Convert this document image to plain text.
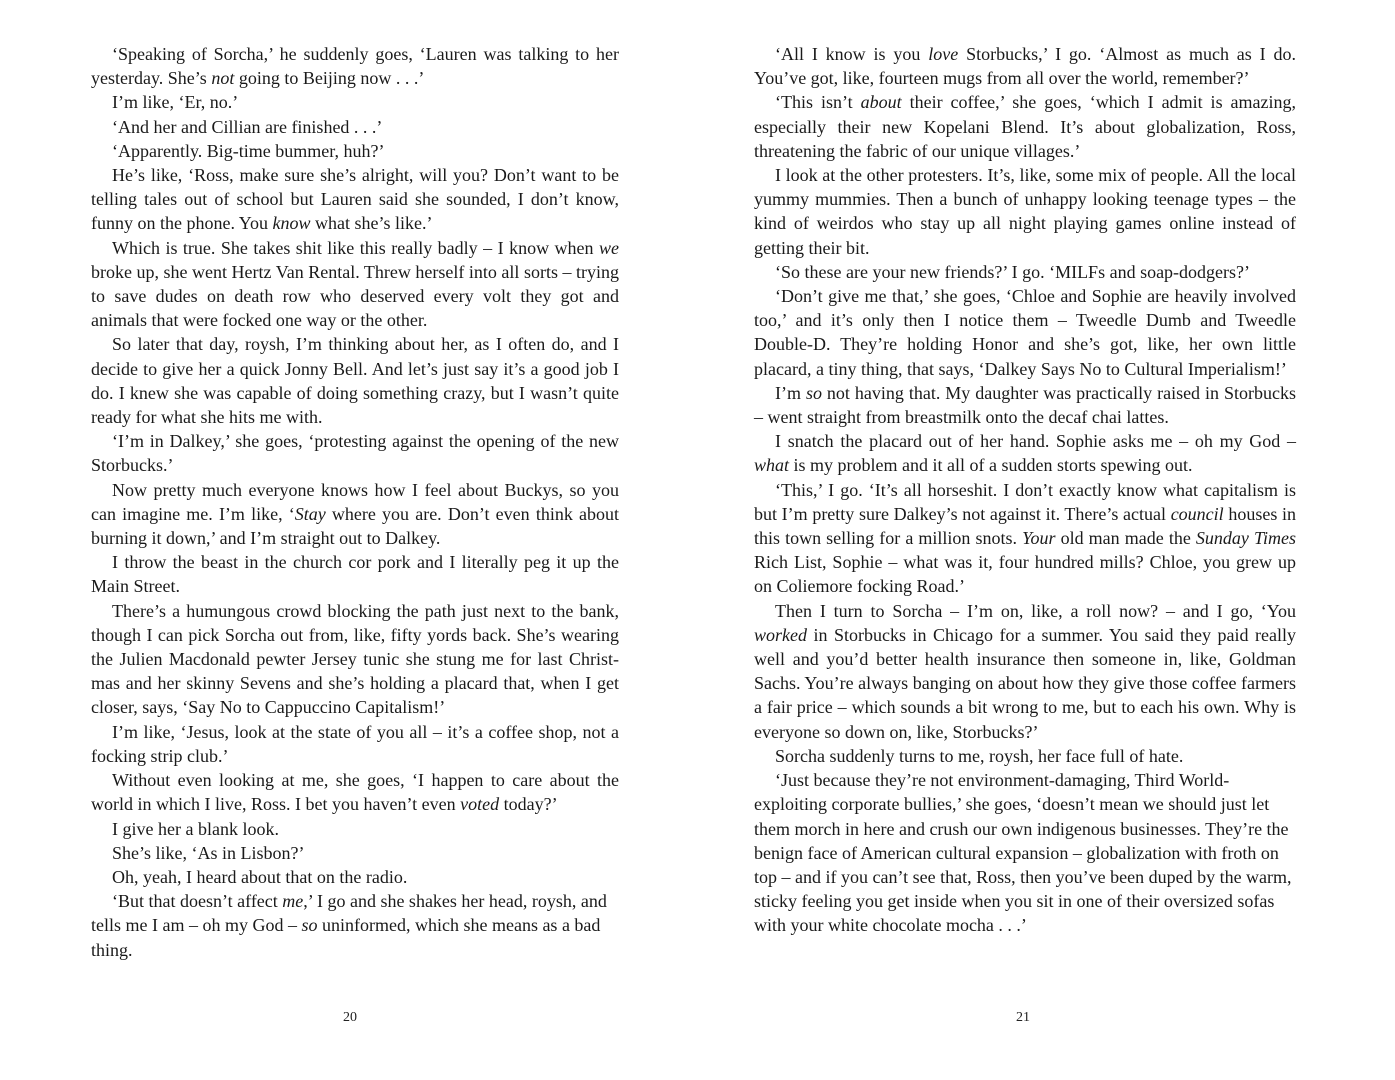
‘Speaking of Sorcha,’ he suddenly goes, ‘Lauren was talking to her yesterday. She’s not going to Beijing now . . .’

I’m like, ‘Er, no.’

‘And her and Cillian are finished . . .’

‘Apparently. Big-time bummer, huh?’

He’s like, ‘Ross, make sure she’s alright, will you? Don’t want to be telling tales out of school but Lauren said she sounded, I don’t know, funny on the phone. You know what she’s like.’

Which is true. She takes shit like this really badly – I know when we broke up, she went Hertz Van Rental. Threw herself into all sorts – trying to save dudes on death row who deserved every volt they got and animals that were focked one way or the other.

So later that day, roysh, I’m thinking about her, as I often do, and I decide to give her a quick Jonny Bell. And let’s just say it’s a good job I do. I knew she was capable of doing something crazy, but I wasn’t quite ready for what she hits me with.

‘I’m in Dalkey,’ she goes, ‘protesting against the opening of the new Storbucks.’

Now pretty much everyone knows how I feel about Buckys, so you can imagine me. I’m like, ‘Stay where you are. Don’t even think about burning it down,’ and I’m straight out to Dalkey.

I throw the beast in the church cor pork and I literally peg it up the Main Street.

There’s a humungous crowd blocking the path just next to the bank, though I can pick Sorcha out from, like, fifty yords back. She’s wearing the Julien Macdonald pewter Jersey tunic she stung me for last Christmas and her skinny Sevens and she’s holding a placard that, when I get closer, says, ‘Say No to Cappuccino Capitalism!’

I’m like, ‘Jesus, look at the state of you all – it’s a coffee shop, not a focking strip club.’

Without even looking at me, she goes, ‘I happen to care about the world in which I live, Ross. I bet you haven’t even voted today?’

I give her a blank look.

She’s like, ‘As in Lisbon?’

Oh, yeah, I heard about that on the radio.

‘But that doesn’t affect me,’ I go and she shakes her head, roysh, and tells me I am – oh my God – so uninformed, which she means as a bad thing.

20

‘All I know is you love Storbucks,’ I go. ‘Almost as much as I do. You’ve got, like, fourteen mugs from all over the world, remember?’

‘This isn’t about their coffee,’ she goes, ‘which I admit is amazing, especially their new Kopelani Blend. It’s about globalization, Ross, threatening the fabric of our unique villages.’

I look at the other protesters. It’s, like, some mix of people. All the local yummy mummies. Then a bunch of unhappy looking teenage types – the kind of weirdos who stay up all night playing games online instead of getting their bit.

‘So these are your new friends?’ I go. ‘MILFs and soap-dodgers?’

‘Don’t give me that,’ she goes, ‘Chloe and Sophie are heavily involved too,’ and it’s only then I notice them – Tweedle Dumb and Tweedle Double-D. They’re holding Honor and she’s got, like, her own little placard, a tiny thing, that says, ‘Dalkey Says No to Cultural Imperialism!’

I’m so not having that. My daughter was practically raised in Storbucks – went straight from breastmilk onto the decaf chai lattes.

I snatch the placard out of her hand. Sophie asks me – oh my God – what is my problem and it all of a sudden storts spewing out.

‘This,’ I go. ‘It’s all horseshit. I don’t exactly know what capitalism is but I’m pretty sure Dalkey’s not against it. There’s actual council houses in this town selling for a million snots. Your old man made the Sunday Times Rich List, Sophie – what was it, four hundred mills? Chloe, you grew up on Coliemore focking Road.’

Then I turn to Sorcha – I’m on, like, a roll now? – and I go, ‘You worked in Storbucks in Chicago for a summer. You said they paid really well and you’d better health insurance then someone in, like, Goldman Sachs. You’re always banging on about how they give those coffee farmers a fair price – which sounds a bit wrong to me, but to each his own. Why is everyone so down on, like, Storbucks?’

Sorcha suddenly turns to me, roysh, her face full of hate.

‘Just because they’re not environment-damaging, Third World-exploiting corporate bullies,’ she goes, ‘doesn’t mean we should just let them morch in here and crush our own indigenous businesses. They’re the benign face of American cultural expansion – globalization with froth on top – and if you can’t see that, Ross, then you’ve been duped by the warm, sticky feeling you get inside when you sit in one of their oversized sofas with your white chocolate mocha . . .’

21
